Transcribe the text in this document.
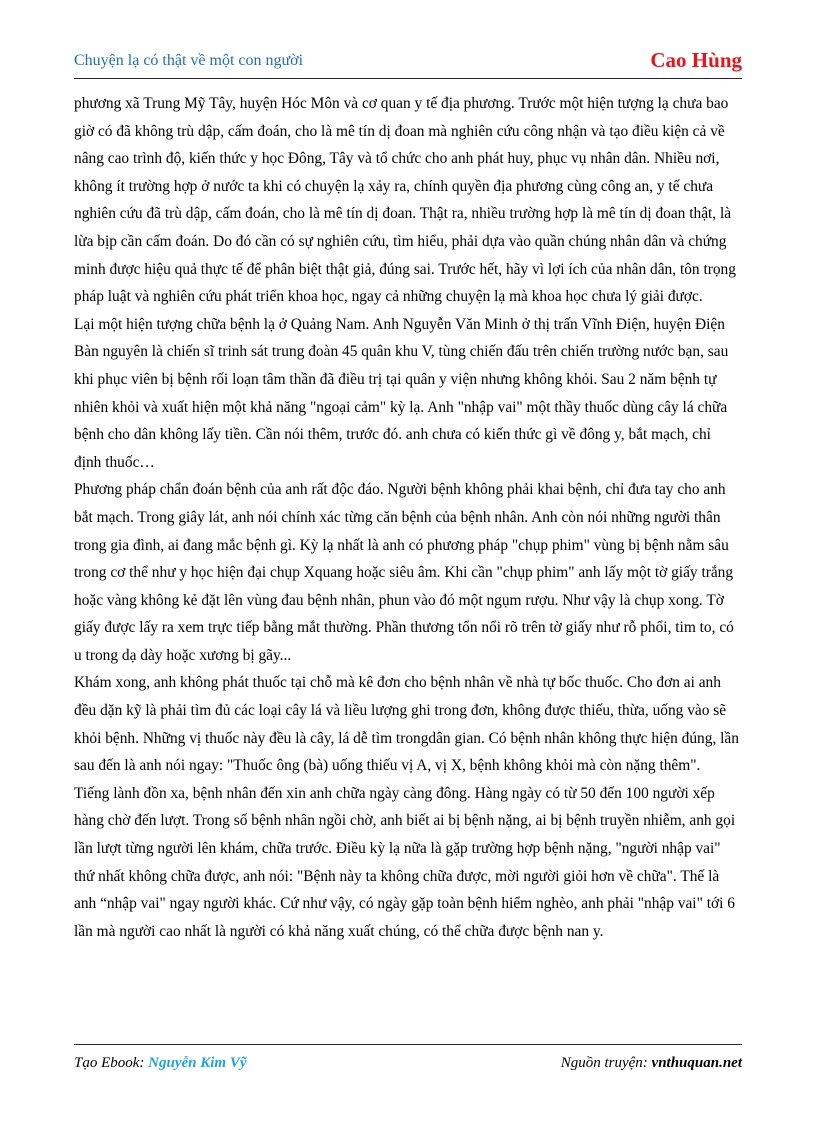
Chuyện lạ có thật về một con người	Cao Hùng

phương xã Trung Mỹ Tây, huyện Hóc Môn và cơ quan y tế địa phương. Trước một hiện tượng lạ chưa bao giờ có đã không trù dập, cấm đoán, cho là mê tín dị đoan mà nghiên cứu công nhận và tạo điều kiện cả về nâng cao trình độ, kiến thức y học Đông, Tây và tổ chức cho anh phát huy, phục vụ nhân dân. Nhiều nơi, không ít trường hợp ở nước ta khi có chuyện lạ xảy ra, chính quyền địa phương cùng công an, y tế chưa nghiên cứu đã trù dập, cấm đoán, cho là mê tín dị đoan. Thật ra, nhiều trường hợp là mê tín dị đoan thật, là lừa bịp cần cấm đoán. Do đó cần có sự nghiên cứu, tìm hiểu, phải dựa vào quần chúng nhân dân và chứng minh được hiệu quả thực tế để phân biệt thật giả, đúng sai. Trước hết, hãy vì lợi ích của nhân dân, tôn trọng pháp luật và nghiên cứu phát triển khoa học, ngay cả những chuyện lạ mà khoa học chưa lý giải được.

Lại một hiện tượng chữa bệnh lạ ở Quảng Nam. Anh Nguyễn Văn Minh ở thị trấn Vĩnh Điện, huyện Điện Bàn nguyên là chiến sĩ trinh sát trung đoàn 45 quân khu V, tùng chiến đấu trên chiến trường nước bạn, sau khi phục viên bị bệnh rối loạn tâm thần đã điều trị tại quân y viện nhưng không khỏi. Sau 2 năm bệnh tự nhiên khỏi và xuất hiện một khả năng "ngoại cảm" kỳ lạ. Anh "nhập vai" một thầy thuốc dùng cây lá chữa bệnh cho dân không lấy tiền. Cần nói thêm, trước đó. anh chưa có kiến thức gì về đông y, bắt mạch, chỉ định thuốc…

Phương pháp chẩn đoán bệnh của anh rất độc đáo. Người bệnh không phải khai bệnh, chỉ đưa tay cho anh bắt mạch. Trong giây lát, anh nói chính xác từng căn bệnh của bệnh nhân. Anh còn nói những người thân trong gia đình, ai đang mắc bệnh gì. Kỳ lạ nhất là anh có phương pháp "chụp phim" vùng bị bệnh nằm sâu trong cơ thể như y học hiện đại chụp Xquang hoặc siêu âm. Khi cần "chụp phim" anh lấy một tờ giấy trắng hoặc vàng không kẻ đặt lên vùng đau bệnh nhân, phun vào đó một ngụm rượu. Như vậy là chụp xong. Tờ giấy được lấy ra xem trực tiếp bằng mắt thường. Phần thương tổn nổi rõ trên tờ giấy như rỗ phổi, tim to, có u trong dạ dày hoặc xương bị gãy...

Khám xong, anh không phát thuốc tại chỗ mà kê đơn cho bệnh nhân về nhà tự bốc thuốc. Cho đơn ai anh đều dặn kỹ là phải tìm đủ các loại cây lá và liều lượng ghi trong đơn, không được thiếu, thừa, uống vào sẽ khỏi bệnh. Những vị thuốc này đều là cây, lá dễ tìm trongdân gian. Có bệnh nhân không thực hiện đúng, lần sau đến là anh nói ngay: "Thuốc ông (bà) uống thiếu vị A, vị X, bệnh không khỏi mà còn nặng thêm".

Tiếng lành đồn xa, bệnh nhân đến xin anh chữa ngày càng đông. Hàng ngày có từ 50 đến 100 người xếp hàng chờ đến lượt. Trong số bệnh nhân ngồi chờ, anh biết ai bị bệnh nặng, ai bị bệnh truyền nhiễm, anh gọi lần lượt từng người lên khám, chữa trước. Điều kỳ lạ nữa là gặp trường hợp bệnh nặng, "người nhập vai" thứ nhất không chữa được, anh nói: "Bệnh này ta không chữa được, mời người giỏi hơn về chữa". Thế là anh “nhập vai" ngay người khác. Cứ như vậy, có ngày gặp toàn bệnh hiểm nghèo, anh phải "nhập vai" tới 6 lần mà người cao nhất là người có khả năng xuất chúng, có thể chữa được bệnh nan y.

Tạo Ebook: Nguyễn Kim Vỹ	Nguồn truyện: vnthuquan.net
